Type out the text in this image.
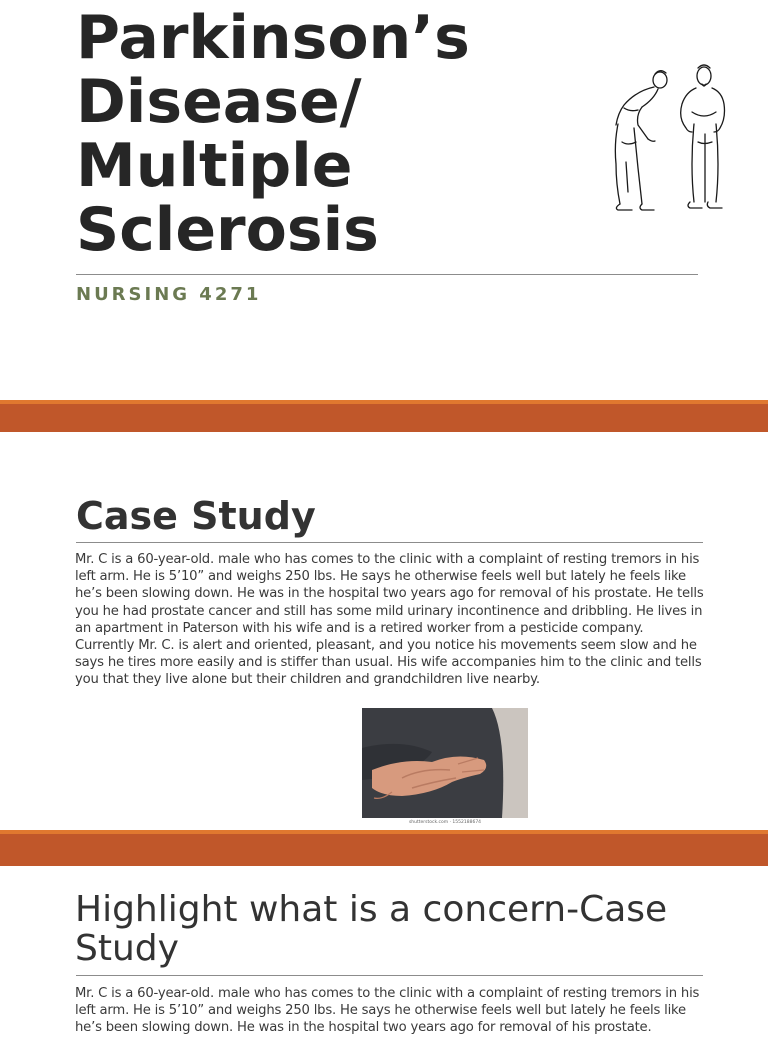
Parkinson’s
Disease/
Multiple
Sclerosis
NURSING 4271
Case Study

Mr. C is a 60-year-old. male who has comes to the clinic with a complaint of resting tremors in his left arm. He is 5’10” and weighs 250 lbs. He says he otherwise feels well but lately he feels like he’s been slowing down. He was in the hospital two years ago for removal of his prostate. He tells you he had prostate cancer and still has some mild urinary incontinence and dribbling. He lives in an apartment in Paterson with his wife and is a retired worker from a pesticide company. Currently Mr. C. is alert and oriented, pleasant, and you notice his movements seem slow and he says he tires more easily and is stiffer than usual. His wife accompanies him to the clinic and tells you that they live alone but their children and grandchildren live nearby.

shutterstock.com · 1552188674
Highlight what is a concern-Case Study

Mr. C is a 60-year-old. male who has comes to the clinic with a complaint of resting tremors in his left arm. He is 5’10” and weighs 250 lbs. He says he otherwise feels well but lately he feels like he’s been slowing down. He was in the hospital two years ago for removal of his prostate.
